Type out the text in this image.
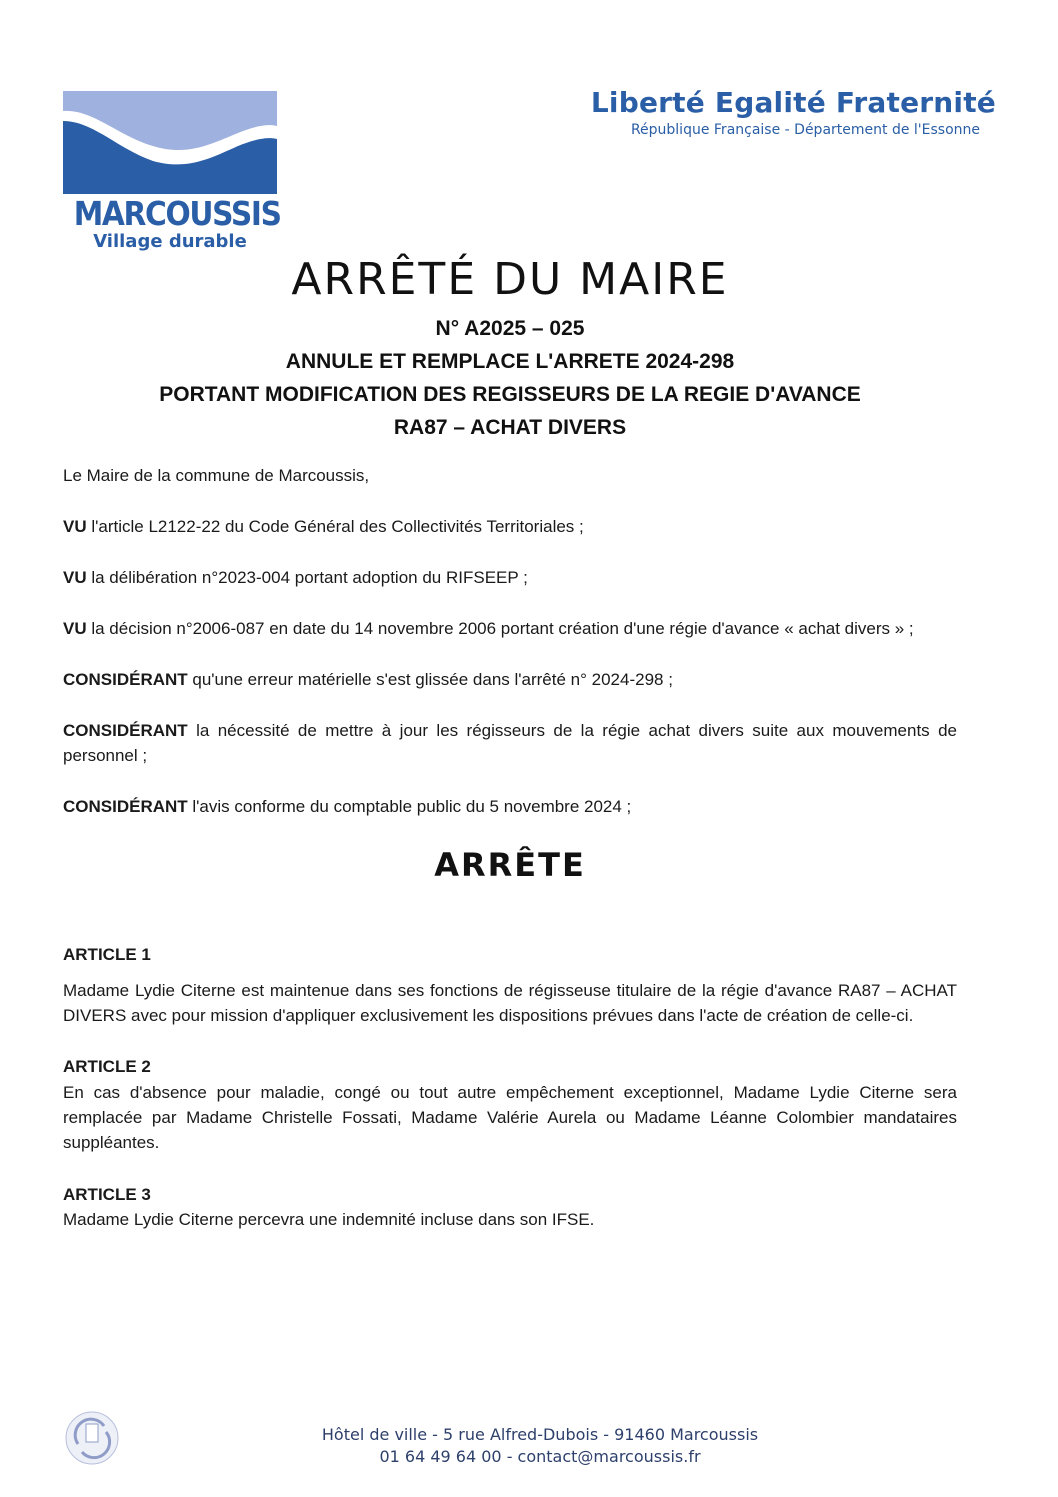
MARCOUSSIS
Village durable
Liberté Egalité Fraternité
République Française - Département de l'Essonne
ARRÊTÉ DU MAIRE
N° A2025 – 025
ANNULE ET REMPLACE L'ARRETE 2024-298
PORTANT MODIFICATION DES REGISSEURS DE LA REGIE D'AVANCE
RA87 – ACHAT DIVERS
Le Maire de la commune de Marcoussis,
VU l'article L2122-22 du Code Général des Collectivités Territoriales ;
VU la délibération n°2023-004 portant adoption du RIFSEEP ;
VU la décision n°2006-087 en date du 14 novembre 2006 portant création d'une régie d'avance « achat divers » ;
CONSIDÉRANT qu'une erreur matérielle s'est glissée dans l'arrêté n° 2024-298 ;
CONSIDÉRANT la nécessité de mettre à jour les régisseurs de la régie achat divers suite aux mouvements de personnel ;
CONSIDÉRANT l'avis conforme du comptable public du 5 novembre 2024 ;
ARRÊTE
ARTICLE 1
Madame Lydie Citerne est maintenue dans ses fonctions de régisseuse titulaire de la régie d'avance RA87 – ACHAT DIVERS avec pour mission d'appliquer exclusivement les dispositions prévues dans l'acte de création de celle-ci.
ARTICLE 2
En cas d'absence pour maladie, congé ou tout autre empêchement exceptionnel, Madame Lydie Citerne sera remplacée par Madame Christelle Fossati, Madame Valérie Aurela ou Madame Léanne Colombier mandataires suppléantes.
ARTICLE 3
Madame Lydie Citerne percevra une indemnité incluse dans son IFSE.
Hôtel de ville - 5 rue Alfred-Dubois - 91460 Marcoussis
01 64 49 64 00 - contact@marcoussis.fr
